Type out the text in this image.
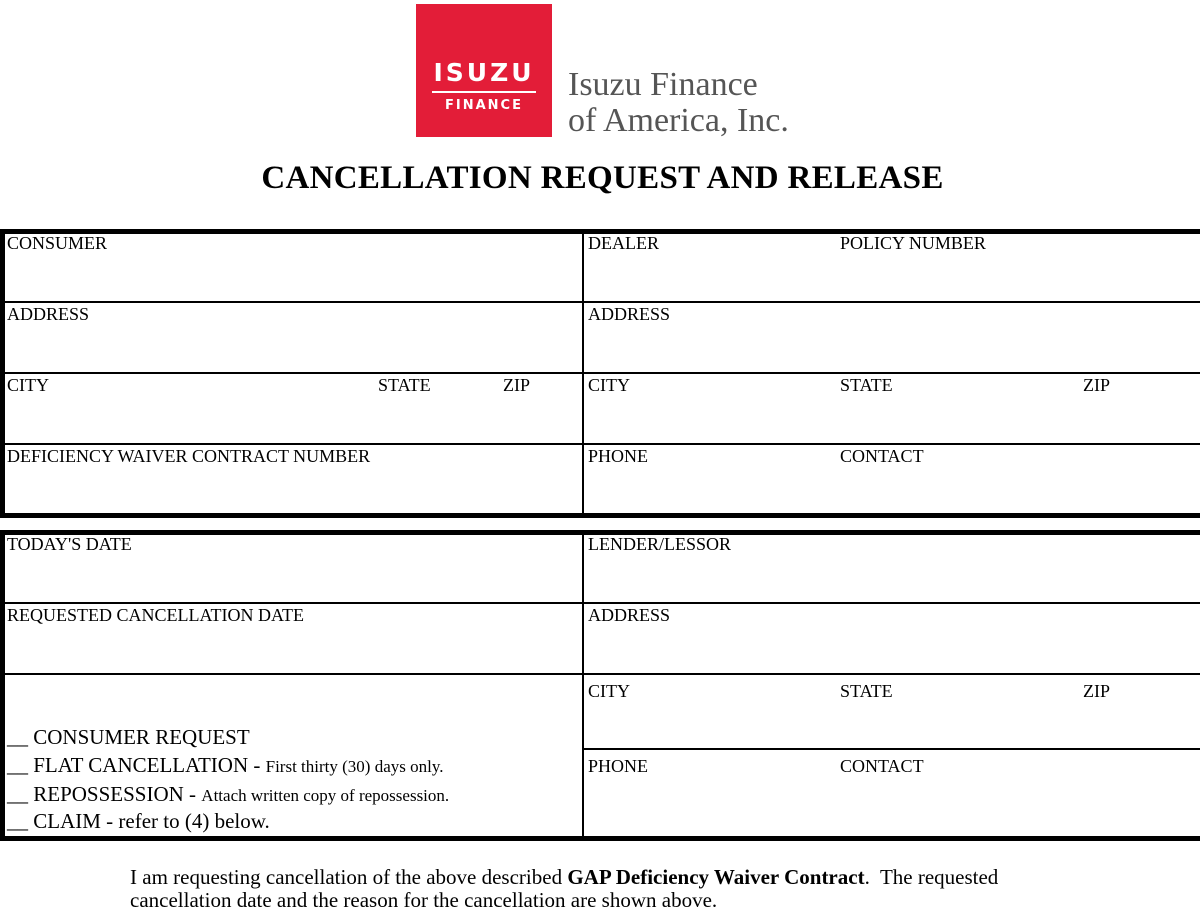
ISUZU
FINANCE
Isuzu Finance
of America, Inc.
CANCELLATION REQUEST AND RELEASE
CONSUMER	DEALER	POLICY NUMBER
ADDRESS	ADDRESS
CITY	STATE	ZIP	CITY	STATE	ZIP
DEFICIENCY WAIVER CONTRACT NUMBER	PHONE	CONTACT
TODAY'S DATE	LENDER/LESSOR
REQUESTED CANCELLATION DATE	ADDRESS
CITY	STATE	ZIP
PHONE	CONTACT
__ CONSUMER REQUEST
__ FLAT CANCELLATION - First thirty (30) days only.
__ REPOSSESSION - Attach written copy of repossession.
__ CLAIM - refer to (4) below.
I am requesting cancellation of the above described GAP Deficiency Waiver Contract.  The requested cancellation date and the reason for the cancellation are shown above.
